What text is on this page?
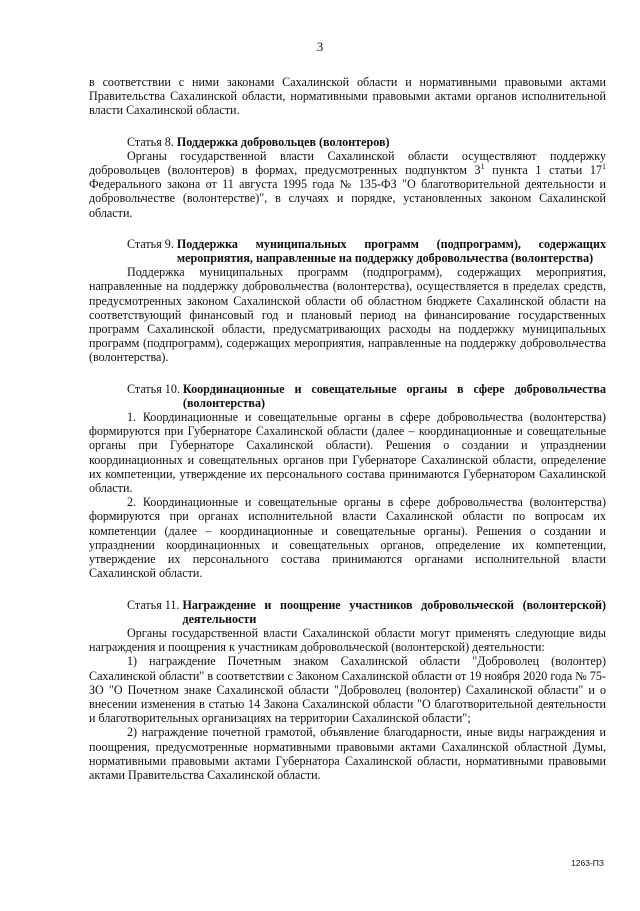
3

в соответствии с ними законами Сахалинской области и нормативными правовыми актами Правительства Сахалинской области, нормативными правовыми актами органов исполнительной власти Сахалинской области.

Статья 8. Поддержка добровольцев (волонтеров)

Органы государственной власти Сахалинской области осуществляют поддержку добровольцев (волонтеров) в формах, предусмотренных подпунктом $3^1$ пункта 1 статьи $17^1$ Федерального закона от 11 августа 1995 года № 135-ФЗ "О благотворительной деятельности и добровольчестве (волонтерстве)", в случаях и порядке, установленных законом Сахалинской области.

Статья 9. Поддержка муниципальных программ (подпрограмм), содержащих мероприятия, направленные на поддержку добровольчества (волонтерства)

Поддержка муниципальных программ (подпрограмм), содержащих мероприятия, направленные на поддержку добровольчества (волонтерства), осуществляется в пределах средств, предусмотренных законом Сахалинской области об областном бюджете Сахалинской области на соответствующий финансовый год и плановый период на финансирование государственных программ Сахалинской области, предусматривающих расходы на поддержку муниципальных программ (подпрограмм), содержащих мероприятия, направленные на поддержку добровольчества (волонтерства).

Статья 10. Координационные и совещательные органы в сфере добровольчества (волонтерства)

1. Координационные и совещательные органы в сфере добровольчества (волонтерства) формируются при Губернаторе Сахалинской области (далее – координационные и совещательные органы при Губернаторе Сахалинской области). Решения о создании и упразднении координационных и совещательных органов при Губернаторе Сахалинской области, определение их компетенции, утверждение их персонального состава принимаются Губернатором Сахалинской области.

2. Координационные и совещательные органы в сфере добровольчества (волонтерства) формируются при органах исполнительной власти Сахалинской области по вопросам их компетенции (далее – координационные и совещательные органы). Решения о создании и упразднении координационных и совещательных органов, определение их компетенции, утверждение их персонального состава принимаются органами исполнительной власти Сахалинской области.

Статья 11. Награждение и поощрение участников добровольческой (волонтерской) деятельности

Органы государственной власти Сахалинской области могут применять следующие виды награждения и поощрения к участникам добровольческой (волонтерской) деятельности:

1) награждение Почетным знаком Сахалинской области "Доброволец (волонтер) Сахалинской области" в соответствии с Законом Сахалинской области от 19 ноября 2020 года № 75-ЗО "О Почетном знаке Сахалинской области "Доброволец (волонтер) Сахалинской области" и о внесении изменения в статью 14 Закона Сахалинской области "О благотворительной деятельности и благотворительных организациях на территории Сахалинской области";

2) награждение почетной грамотой, объявление благодарности, иные виды награждения и поощрения, предусмотренные нормативными правовыми актами Сахалинской областной Думы, нормативными правовыми актами Губернатора Сахалинской области, нормативными правовыми актами Правительства Сахалинской области.

1263-ПЗ
